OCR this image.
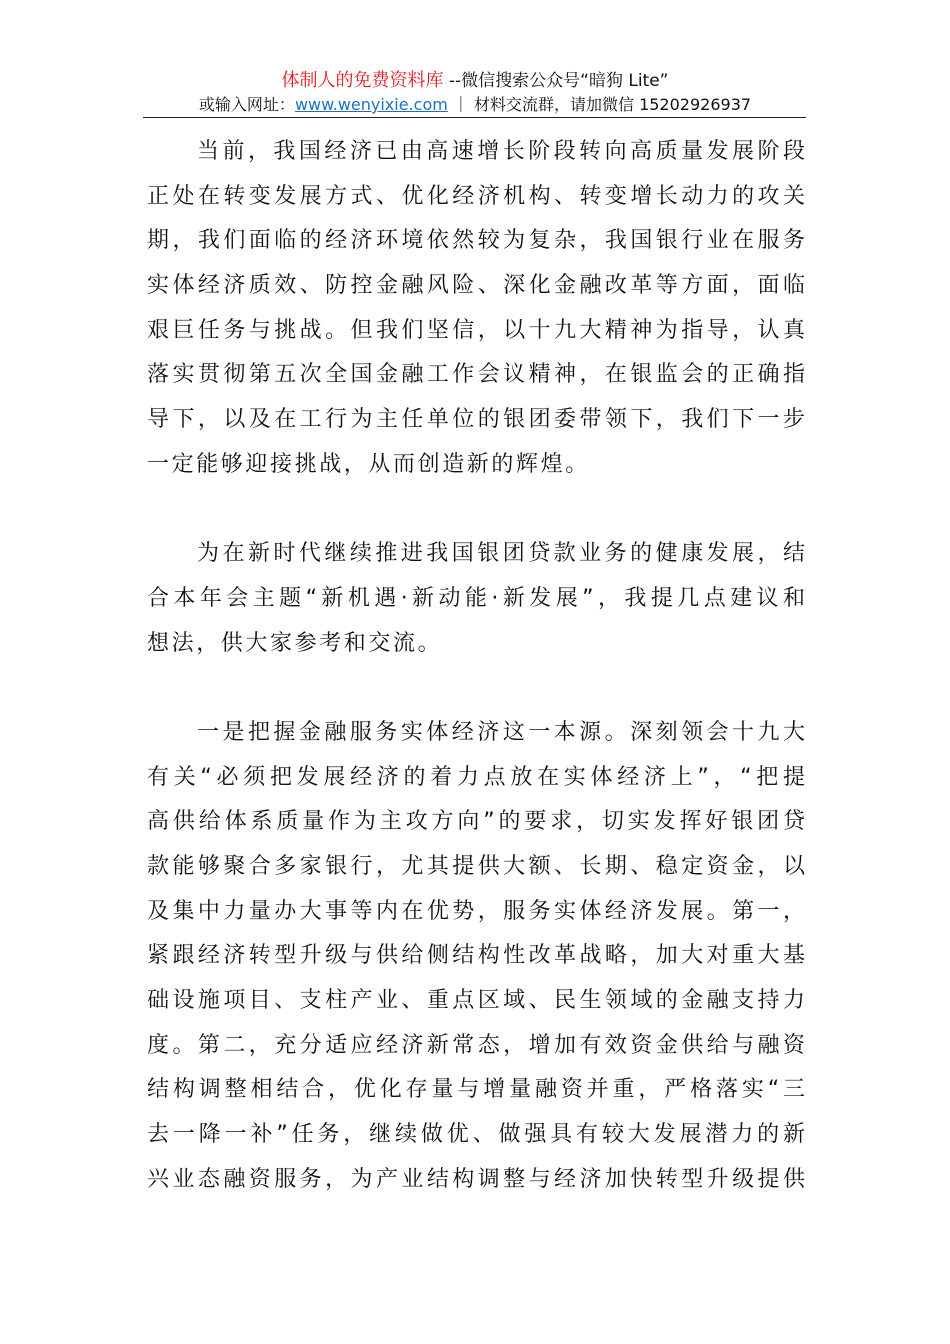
体制人的免费资料库 --微信搜索公众号“暗狗 Lite”
或输入网址：www.wenyixie.com ｜ 材料交流群，请加微信 15202926937
当前，我国经济已由高速增长阶段转向高质量发展阶段
正处在转变发展方式、优化经济机构、转变增长动力的攻关
期，我们面临的经济环境依然较为复杂，我国银行业在服务
实体经济质效、防控金融风险、深化金融改革等方面，面临
艰巨任务与挑战。但我们坚信，以十九大精神为指导，认真
落实贯彻第五次全国金融工作会议精神，在银监会的正确指
导下，以及在工行为主任单位的银团委带领下，我们下一步
一定能够迎接挑战，从而创造新的辉煌。
为在新时代继续推进我国银团贷款业务的健康发展，结
合本年会主题“新机遇·新动能·新发展”，我提几点建议和
想法，供大家参考和交流。
一是把握金融服务实体经济这一本源。深刻领会十九大
有关“必须把发展经济的着力点放在实体经济上”，“把提
高供给体系质量作为主攻方向”的要求，切实发挥好银团贷
款能够聚合多家银行，尤其提供大额、长期、稳定资金，以
及集中力量办大事等内在优势，服务实体经济发展。第一，
紧跟经济转型升级与供给侧结构性改革战略，加大对重大基
础设施项目、支柱产业、重点区域、民生领域的金融支持力
度。第二，充分适应经济新常态，增加有效资金供给与融资
结构调整相结合，优化存量与增量融资并重，严格落实“三
去一降一补”任务，继续做优、做强具有较大发展潜力的新
兴业态融资服务，为产业结构调整与经济加快转型升级提供
